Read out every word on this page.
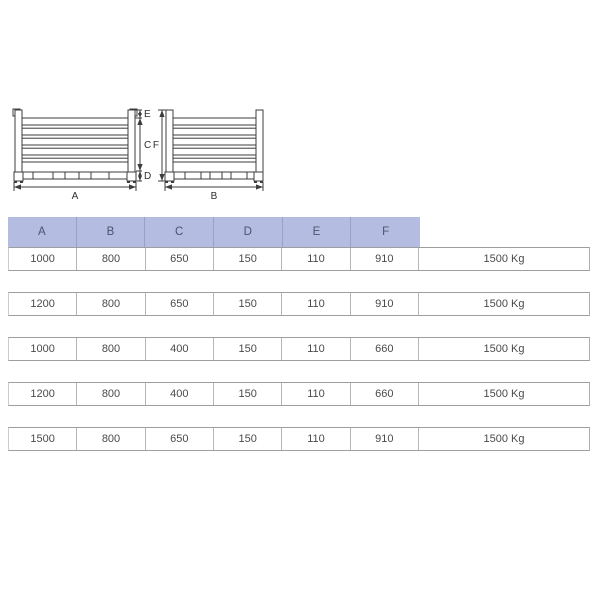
A
E
C
D
F
B
A	B	C	D	E	F
1000	800	650	150	110	910	1500 Kg
1200	800	650	150	110	910	1500 Kg
1000	800	400	150	110	660	1500 Kg
1200	800	400	150	110	660	1500 Kg
1500	800	650	150	110	910	1500 Kg
